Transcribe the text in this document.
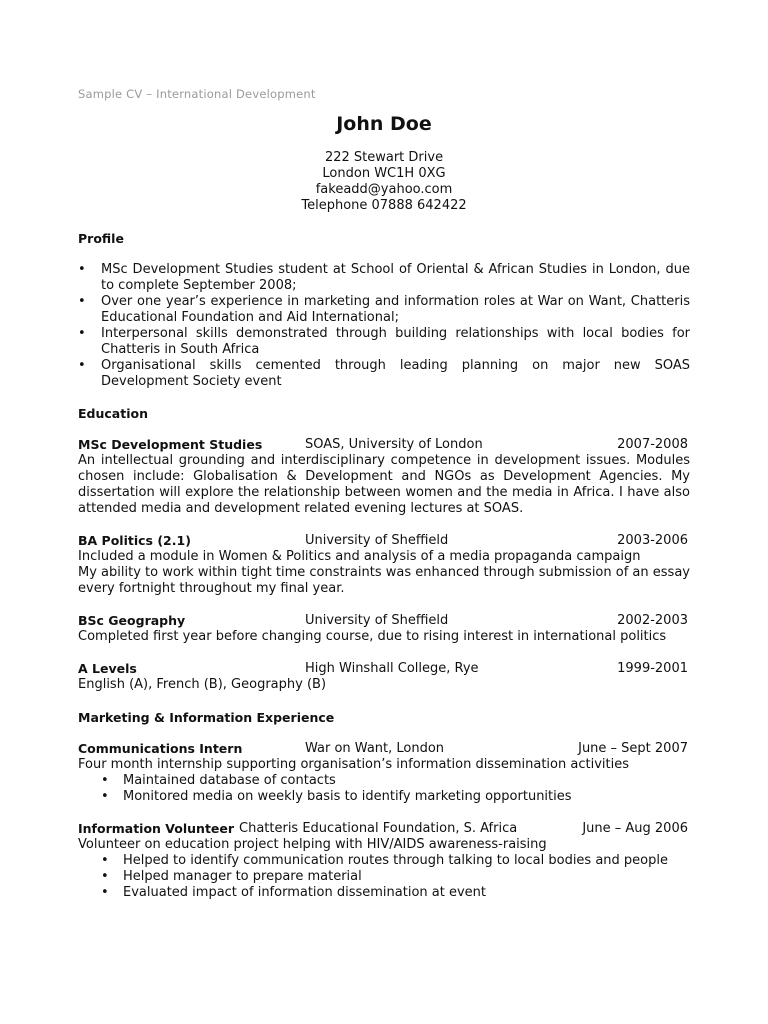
Sample CV – International Development
John Doe
222 Stewart Drive
London WC1H 0XG
fakeadd@yahoo.com
Telephone 07888 642422
Profile
• MSc Development Studies student at School of Oriental & African Studies in London, due to complete September 2008;
• Over one year’s experience in marketing and information roles at War on Want, Chatteris Educational Foundation and Aid International;
• Interpersonal skills demonstrated through building relationships with local bodies for Chatteris in South Africa
• Organisational skills cemented through leading planning on major new SOAS Development Society event
Education
MSc Development Studies	SOAS, University of London	2007-2008
An intellectual grounding and interdisciplinary competence in development issues. Modules chosen include: Globalisation & Development and NGOs as Development Agencies. My dissertation will explore the relationship between women and the media in Africa. I have also attended media and development related evening lectures at SOAS.
BA Politics (2.1)	University of Sheffield	2003-2006
Included a module in Women & Politics and analysis of a media propaganda campaign
My ability to work within tight time constraints was enhanced through submission of an essay every fortnight throughout my final year.
BSc Geography	University of Sheffield	2002-2003
Completed first year before changing course, due to rising interest in international politics
A Levels	High Winshall College, Rye	1999-2001
English (A), French (B), Geography (B)
Marketing & Information Experience
Communications Intern	War on Want, London	June – Sept 2007
Four month internship supporting organisation’s information dissemination activities
• Maintained database of contacts
• Monitored media on weekly basis to identify marketing opportunities
Information Volunteer Chatteris Educational Foundation, S. Africa	June – Aug 2006
Volunteer on education project helping with HIV/AIDS awareness-raising
• Helped to identify communication routes through talking to local bodies and people
• Helped manager to prepare material
• Evaluated impact of information dissemination at event
